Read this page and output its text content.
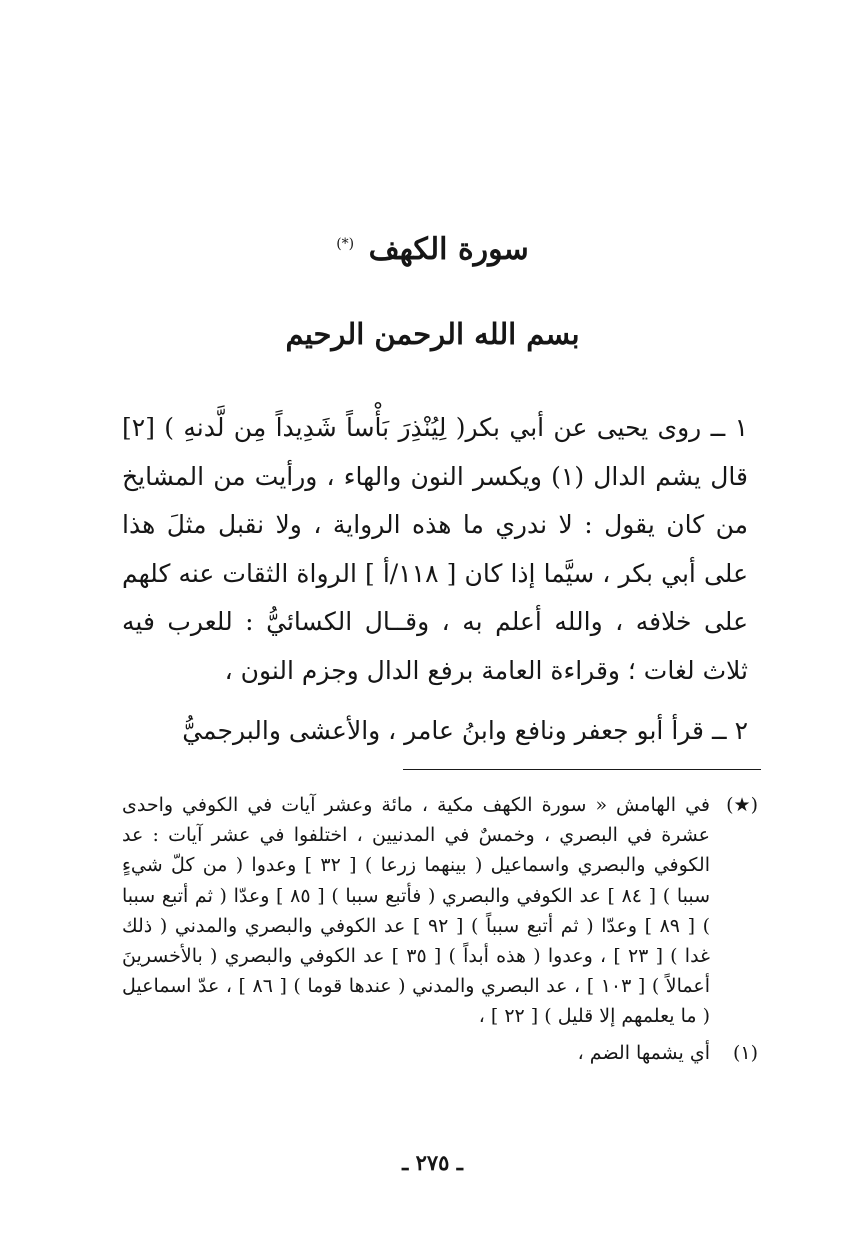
سورة الكهف (*)
بسم الله الرحمن الرحيم

١ ــ روى يحيى عن أبي بكر( لِيُنْذِرَ بَأْساً شَدِيداً مِن لَّدنهِ ) [٢] قال يشم الدال (١) ويكسر النون والهاء ، ورأيت من المشايخ من كان يقول : لا ندري ما هذه الرواية ، ولا نقبل مثلَ هذا على أبي بكر ، سيَّما إذا كان [ ١١٨/أ ] الرواة الثقات عنه كلهم على خلافه ، والله أعلم به ، وقــال الكسائيُّ : للعرب فيه ثلاث لغات ؛ وقراءة العامة برفع الدال وجزم النون ،

٢ ــ قرأ أبو جعفر ونافع وابنُ عامر ، والأعشى والبرجميُّ

(★)
في الهامش « سورة الكهف مكية ، مائة وعشر آيات في الكوفي واحدى عشرة في البصري ، وخمسٌ في المدنيين ، اختلفوا في عشر آيات : عد الكوفي والبصري واسماعيل ( بينهما زرعا ) [ ٣٢ ] وعدوا ( من كلّ شيءٍ سببا ) [ ٨٤ ] عد الكوفي والبصري ( فأتبع سببا ) [ ٨٥ ] وعدّا ( ثم أتبع سببا ) [ ٨٩ ] وعدّا ( ثم أتبع سبباً ) [ ٩٢ ] عد الكوفي والبصري والمدني ( ذلك غدا ) [ ٢٣ ] ، وعدوا ( هذه أبداً ) [ ٣٥ ] عد الكوفي والبصري ( بالأخسرينَ أعمالاً ) [ ١٠٣ ] ، عد البصري والمدني ( عندها قوما ) [ ٨٦ ] ، عدّ اسماعيل ( ما يعلمهم إلا قليل ) [ ٢٢ ] ،
(١)
أي يشمها الضم ،
ـ ٢٧٥ ـ
